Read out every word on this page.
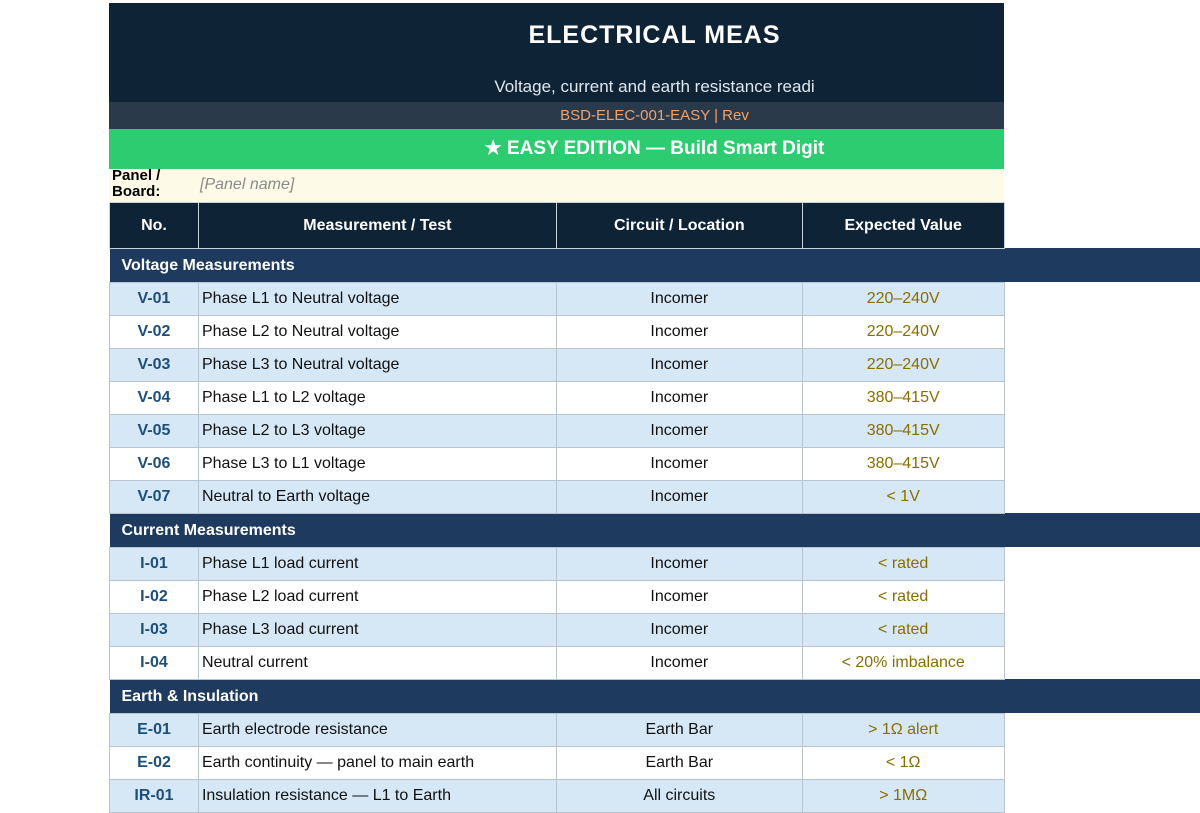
ELECTRICAL MEAS
Voltage, current and earth resistance readi
BSD-ELEC-001-EASY | Rev
★ EASY EDITION — Build Smart Digit
Panel / Board:	[Panel name]
No.	Measurement / Test	Circuit / Location	Expected Value	
Voltage Measurements				
V-01	Phase L1 to Neutral voltage	Incomer	220–240V	
V-02	Phase L2 to Neutral voltage	Incomer	220–240V	
V-03	Phase L3 to Neutral voltage	Incomer	220–240V	
V-04	Phase L1 to L2 voltage	Incomer	380–415V	
V-05	Phase L2 to L3 voltage	Incomer	380–415V	
V-06	Phase L3 to L1 voltage	Incomer	380–415V	
V-07	Neutral to Earth voltage	Incomer	< 1V	
Current Measurements				
I-01	Phase L1 load current	Incomer	< rated	
I-02	Phase L2 load current	Incomer	< rated	
I-03	Phase L3 load current	Incomer	< rated	
I-04	Neutral current	Incomer	< 20% imbalance	
Earth & Insulation				
E-01	Earth electrode resistance	Earth Bar	> 1Ω alert	
E-02	Earth continuity — panel to main earth	Earth Bar	< 1Ω	
IR-01	Insulation resistance — L1 to Earth	All circuits	> 1MΩ	
